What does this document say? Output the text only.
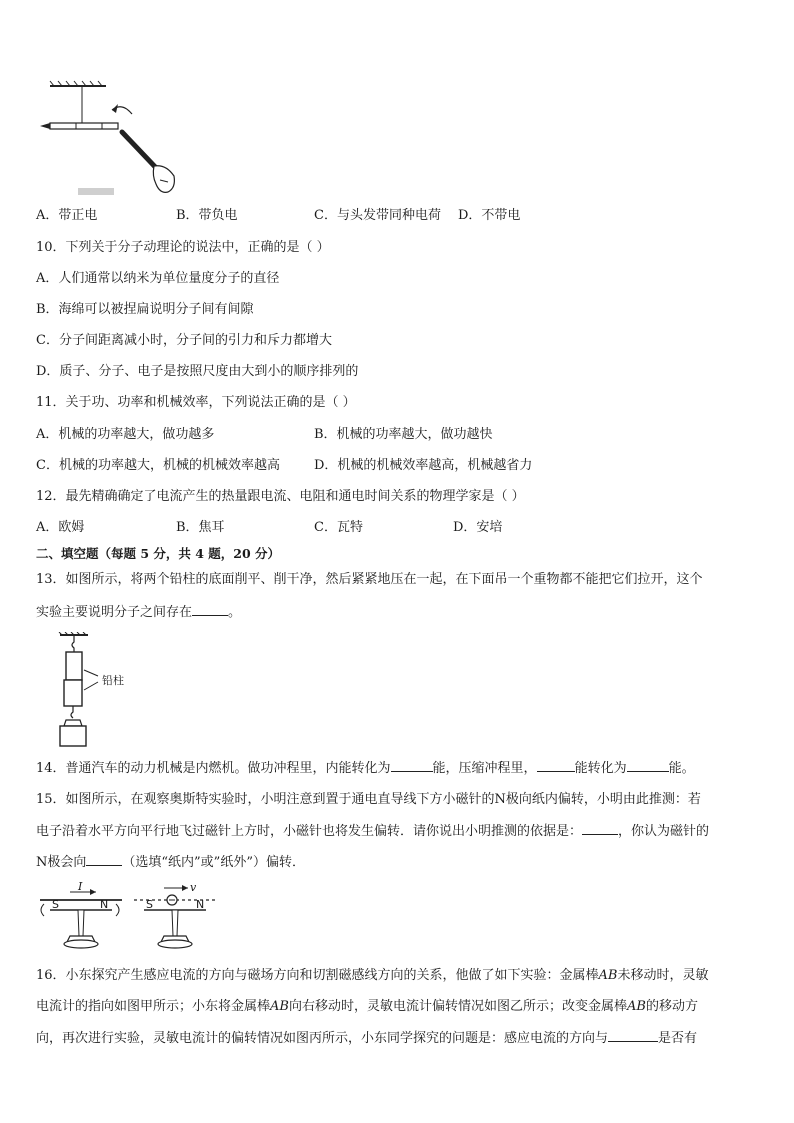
A．带正电	B．带负电	C．与头发带同种电荷 D．不带电
10．下列关于分子动理论的说法中，正确的是（ ）
A．人们通常以纳米为单位量度分子的直径
B．海绵可以被捏扁说明分子间有间隙
C．分子间距离减小时，分子间的引力和斥力都增大
D．质子、分子、电子是按照尺度由大到小的顺序排列的
11．关于功、功率和机械效率，下列说法正确的是（ ）
A．机械的功率越大，做功越多	B．机械的功率越大，做功越快
C．机械的功率越大，机械的机械效率越高	D．机械的机械效率越高，机械越省力
12．最先精确确定了电流产生的热量跟电流、电阻和通电时间关系的物理学家是（ ）
A．欧姆	B．焦耳	C．瓦特	D．安培
二、填空题（每题 5 分，共 4 题，20 分）
13．如图所示，将两个铅柱的底面削平、削干净，然后紧紧地压在一起，在下面吊一个重物都不能把它们拉开，这个
实验主要说明分子之间存在	。
铅柱
14．普通汽车的动力机械是内燃机。做功冲程里，内能转化为	能，压缩冲程里，	能转化为	能。
15．如图所示，在观察奥斯特实验时，小明注意到置于通电直导线下方小磁针的N极向纸内偏转，小明由此推测：若
电子沿着水平方向平行地飞过磁针上方时，小磁针也将发生偏转．请你说出小明推测的依据是：	，你认为磁针的
N极会向	（选填“纸内”或”纸外”）偏转．
I
S	N
v
S	N
16．小东探究产生感应电流的方向与磁场方向和切割磁感线方向的关系，他做了如下实验：金属棒AB未移动时，灵敏
电流计的指向如图甲所示；小东将金属棒AB向右移动时，灵敏电流计偏转情况如图乙所示；改变金属棒AB的移动方
向，再次进行实验，灵敏电流计的偏转情况如图丙所示，小东同学探究的问题是：感应电流的方向与	是否有
